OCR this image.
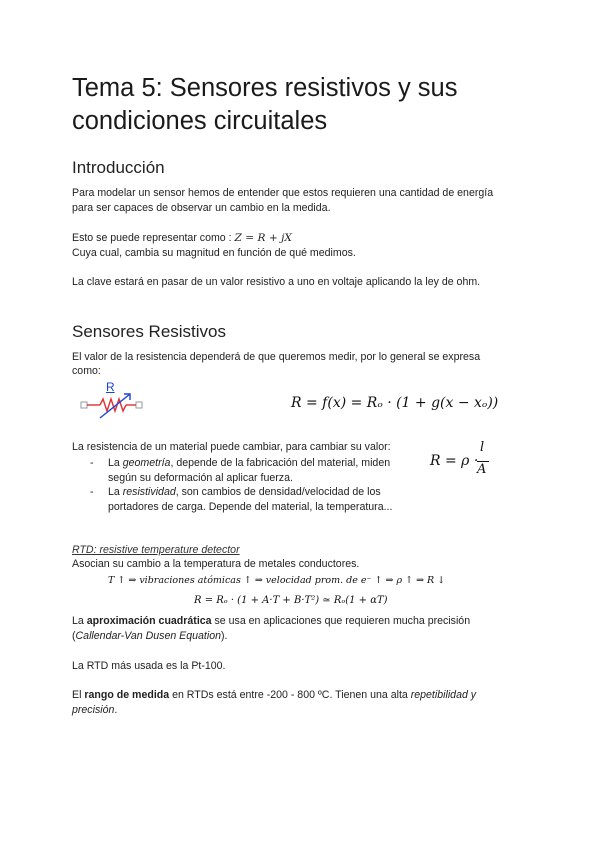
Tema 5: Sensores resistivos y sus
condiciones circuitales
Introducción

Para modelar un sensor hemos de entender que estos requieren una cantidad de energía

para ser capaces de observar un cambio en la medida.

Esto se puede representar como : Z = R + jX

Cuya cual, cambia su magnitud en función de qué medimos.

La clave estará en pasar de un valor resistivo a uno en voltaje aplicando la ley de ohm.

Sensores Resistivos

El valor de la resistencia dependerá de que queremos medir, por lo general se expresa

como:

R
R = f(x) = Rₒ · (1 + g(x − xₒ))

La resistencia de un material puede cambiar, para cambiar su valor:

R = ρ ·
l
A
- La geometría, depende de la fabricación del material, miden
según su deformación al aplicar fuerza.
- La resistividad, son cambios de densidad/velocidad de los
portadores de carga. Depende del material, la temperatura...

RTD: resistive temperature detector

Asocian su cambio a la temperatura de metales conductores.

T ↑ ⇒ vibraciones atómicas ↑ ⇒ velocidad prom. de e⁻ ↑ ⇒ ρ ↑ ⇒ R ↓
R = Rₒ · (1 + A·T + B·T²) ≃ Rₒ(1 + αT)

La aproximación cuadrática se usa en aplicaciones que requieren mucha precisión

(Callendar-Van Dusen Equation).

La RTD más usada es la Pt-100.

El rango de medida en RTDs está entre -200 - 800 ºC. Tienen una alta repetibilidad y

precisión.
